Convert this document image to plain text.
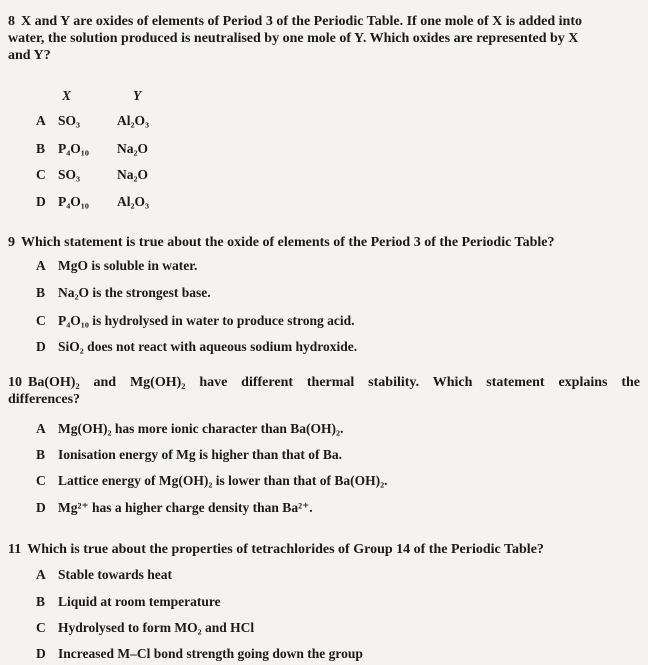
8 X and Y are oxides of elements of Period 3 of the Periodic Table. If one mole of X is added into
water, the solution produced is neutralised by one mole of Y. Which oxides are represented by X
and Y?
X	Y
A SO₃	Al₂O₃
B P₄O₁₀ Na₂O
C SO₃	Na₂O
D P₄O₁₀ Al₂O₃
9 Which statement is true about the oxide of elements of the Period 3 of the Periodic Table?
A MgO is soluble in water.
B Na₂O is the strongest base.
C P₄O₁₀ is hydrolysed in water to produce strong acid.
D SiO₂ does not react with aqueous sodium hydroxide.
10 Ba(OH)₂ and Mg(OH)₂ have different thermal stability. Which statement explains the
differences?
A Mg(OH)₂ has more ionic character than Ba(OH)₂.
B Ionisation energy of Mg is higher than that of Ba.
C Lattice energy of Mg(OH)₂ is lower than that of Ba(OH)₂.
D Mg²⁺ has a higher charge density than Ba²⁺.
11 Which is true about the properties of tetrachlorides of Group 14 of the Periodic Table?
A Stable towards heat
B Liquid at room temperature
C Hydrolysed to form MO₂ and HCl
D Increased M–Cl bond strength going down the group
